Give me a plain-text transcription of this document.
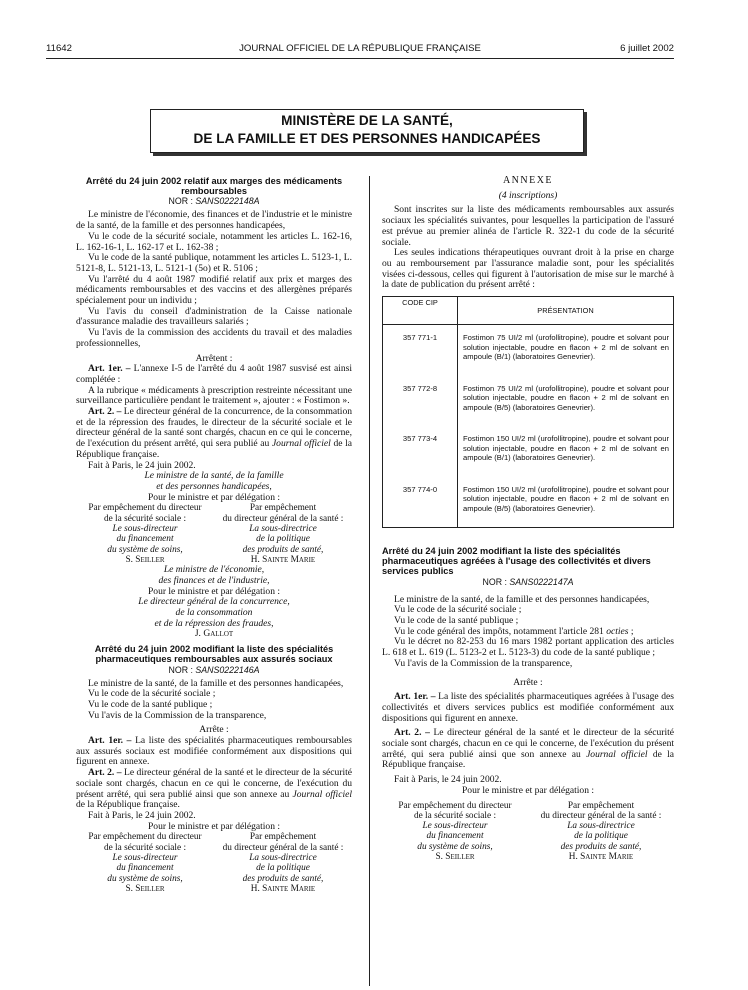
11642	JOURNAL OFFICIEL DE LA RÉPUBLIQUE FRANÇAISE	6 juillet 2002
MINISTÈRE DE LA SANTÉ,
DE LA FAMILLE ET DES PERSONNES HANDICAPÉES
Arrêté du 24 juin 2002 relatif aux marges des médicaments remboursables
NOR : SANS0222148A

Le ministre de l'économie, des finances et de l'industrie et le ministre de la santé, de la famille et des personnes handicapées,

Vu le code de la sécurité sociale, notamment les articles L. 162-16, L. 162-16-1, L. 162-17 et L. 162-38 ;

Vu le code de la santé publique, notamment les articles L. 5123-1, L. 5121-8, L. 5121-13, L. 5121-1 (5o) et R. 5106 ;

Vu l'arrêté du 4 août 1987 modifié relatif aux prix et marges des médicaments remboursables et des vaccins et des allergènes préparés spécialement pour un individu ;

Vu l'avis du conseil d'administration de la Caisse nationale d'assurance maladie des travailleurs salariés ;

Vu l'avis de la commission des accidents du travail et des maladies professionnelles,

Arrêtent :

Art. 1er. – L'annexe I-5 de l'arrêté du 4 août 1987 susvisé est ainsi complétée :

A la rubrique « médicaments à prescription restreinte nécessitant une surveillance particulière pendant le traitement », ajouter : « Fostimon ».

Art. 2. – Le directeur général de la concurrence, de la consommation et de la répression des fraudes, le directeur de la sécurité sociale et le directeur général de la santé sont chargés, chacun en ce qui le concerne, de l'exécution du présent arrêté, qui sera publié au Journal officiel de la République française.

Fait à Paris, le 24 juin 2002.

Le ministre de la santé, de la famille
et des personnes handicapées,
Pour le ministre et par délégation :
Par empêchement du directeur
de la sécurité sociale :
Le sous-directeur
du financement
du système de soins,
S. Seiller
Par empêchement
du directeur général de la santé :
La sous-directrice
de la politique
des produits de santé,
H. Sainte Marie
Le ministre de l'économie,
des finances et de l'industrie,
Pour le ministre et par délégation :
Le directeur général de la concurrence,
de la consommation
et de la répression des fraudes,
J. Gallot
Arrêté du 24 juin 2002 modifiant la liste des spécialités pharmaceutiques remboursables aux assurés sociaux
NOR : SANS0222146A

Le ministre de la santé, de la famille et des personnes handicapées,

Vu le code de la sécurité sociale ;

Vu le code de la santé publique ;

Vu l'avis de la Commission de la transparence,

Arrête :

Art. 1er. – La liste des spécialités pharmaceutiques remboursables aux assurés sociaux est modifiée conformément aux dispositions qui figurent en annexe.

Art. 2. – Le directeur général de la santé et le directeur de la sécurité sociale sont chargés, chacun en ce qui le concerne, de l'exécution du présent arrêté, qui sera publié ainsi que son annexe au Journal officiel de la République française.

Fait à Paris, le 24 juin 2002.

Pour le ministre et par délégation :
Par empêchement du directeur
de la sécurité sociale :
Le sous-directeur
du financement
du système de soins,
S. Seiller
Par empêchement
du directeur général de la santé :
La sous-directrice
de la politique
des produits de santé,
H. Sainte Marie
ANNEXE
(4 inscriptions)

Sont inscrites sur la liste des médicaments remboursables aux assurés sociaux les spécialités suivantes, pour lesquelles la participation de l'assuré est prévue au premier alinéa de l'article R. 322-1 du code de la sécurité sociale.

Les seules indications thérapeutiques ouvrant droit à la prise en charge ou au remboursement par l'assurance maladie sont, pour les spécialités visées ci-dessous, celles qui figurent à l'autorisation de mise sur le marché à la date de publication du présent arrêté :

CODE CIP	PRÉSENTATION
357 771-1	Fostimon 75 UI/2 ml (urofollitropine), poudre et solvant pour solution injectable, poudre en flacon + 2 ml de solvant en ampoule (B/1) (laboratoires Genevrier).
357 772-8	Fostimon 75 UI/2 ml (urofollitropine), poudre et solvant pour solution injectable, poudre en flacon + 2 ml de solvant en ampoule (B/5) (laboratoires Genevrier).
357 773-4	Fostimon 150 UI/2 ml (urofollitropine), poudre et solvant pour solution injectable, poudre en flacon + 2 ml de solvant en ampoule (B/1) (laboratoires Genevrier).
357 774-0	Fostimon 150 UI/2 ml (urofollitropine), poudre et solvant pour solution injectable, poudre en flacon + 2 ml de solvant en ampoule (B/5) (laboratoires Genevrier).
Arrêté du 24 juin 2002 modifiant la liste des spécialités pharmaceutiques agréées à l'usage des collectivités et divers services publics
NOR : SANS0222147A

Le ministre de la santé, de la famille et des personnes handicapées,

Vu le code de la sécurité sociale ;

Vu le code de la santé publique ;

Vu le code général des impôts, notamment l'article 281 octies ;

Vu le décret no 82-253 du 16 mars 1982 portant application des articles L. 618 et L. 619 (L. 5123-2 et L. 5123-3) du code de la santé publique ;

Vu l'avis de la Commission de la transparence,

Arrête :

Art. 1er. – La liste des spécialités pharmaceutiques agréées à l'usage des collectivités et divers services publics est modifiée conformément aux dispositions qui figurent en annexe.

Art. 2. – Le directeur général de la santé et le directeur de la sécurité sociale sont chargés, chacun en ce qui le concerne, de l'exécution du présent arrêté, qui sera publié ainsi que son annexe au Journal officiel de la République française.

Fait à Paris, le 24 juin 2002.

Pour le ministre et par délégation :
Par empêchement du directeur
de la sécurité sociale :
Le sous-directeur
du financement
du système de soins,
S. Seiller
Par empêchement
du directeur général de la santé :
La sous-directrice
de la politique
des produits de santé,
H. Sainte Marie
